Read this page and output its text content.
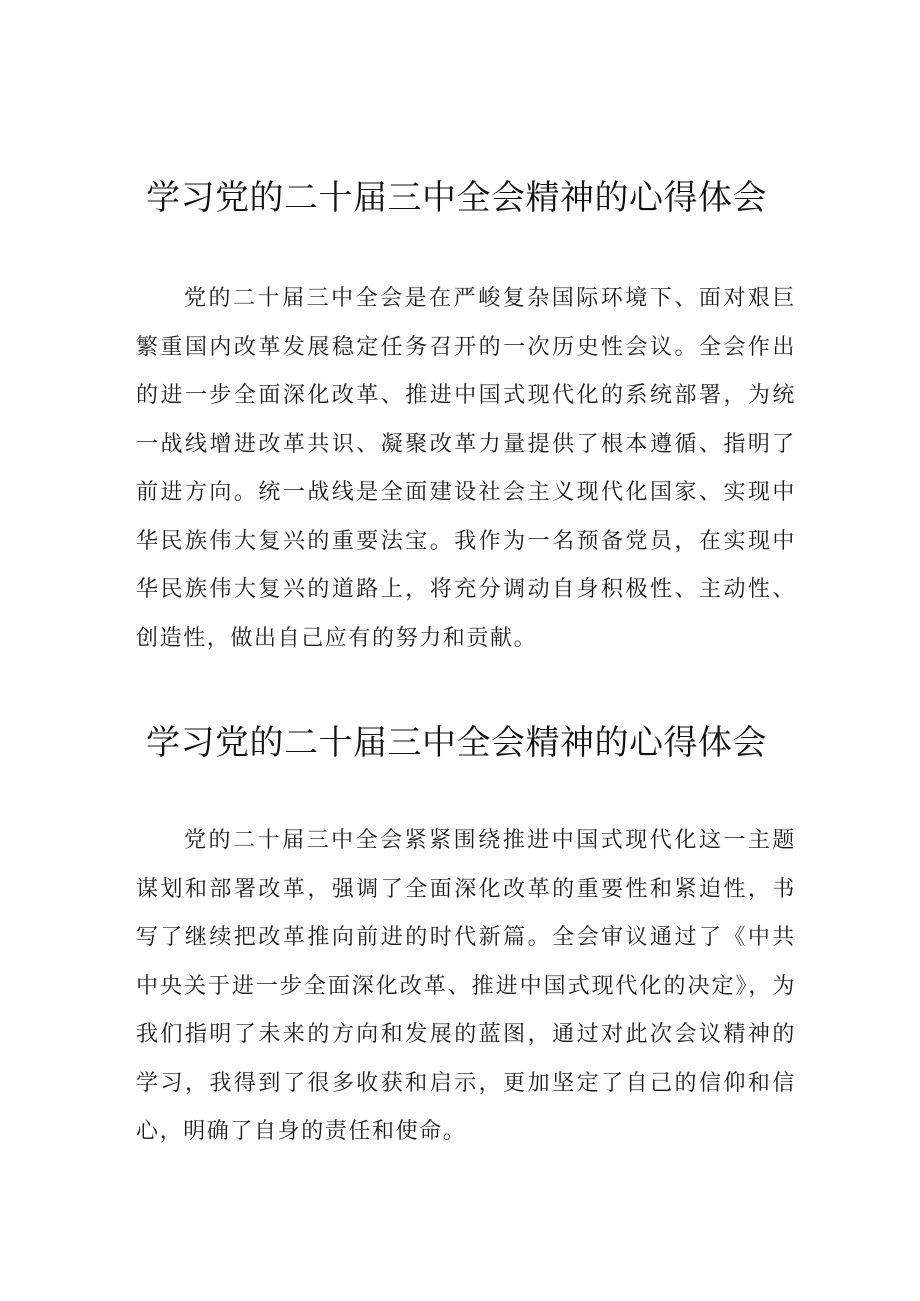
学习党的二十届三中全会精神的心得体会

党的二十届三中全会是在严峻复杂国际环境下、面对艰巨繁重国内改革发展稳定任务召开的一次历史性会议。全会作出的进一步全面深化改革、推进中国式现代化的系统部署，为统一战线增进改革共识、凝聚改革力量提供了根本遵循、指明了前进方向。统一战线是全面建设社会主义现代化国家、实现中华民族伟大复兴的重要法宝。我作为一名预备党员，在实现中华民族伟大复兴的道路上，将充分调动自身积极性、主动性、创造性，做出自己应有的努力和贡献。

学习党的二十届三中全会精神的心得体会

党的二十届三中全会紧紧围绕推进中国式现代化这一主题谋划和部署改革，强调了全面深化改革的重要性和紧迫性，书写了继续把改革推向前进的时代新篇。全会审议通过了《中共中央关于进一步全面深化改革、推进中国式现代化的决定》，为我们指明了未来的方向和发展的蓝图，通过对此次会议精神的学习，我得到了很多收获和启示，更加坚定了自己的信仰和信心，明确了自身的责任和使命。
